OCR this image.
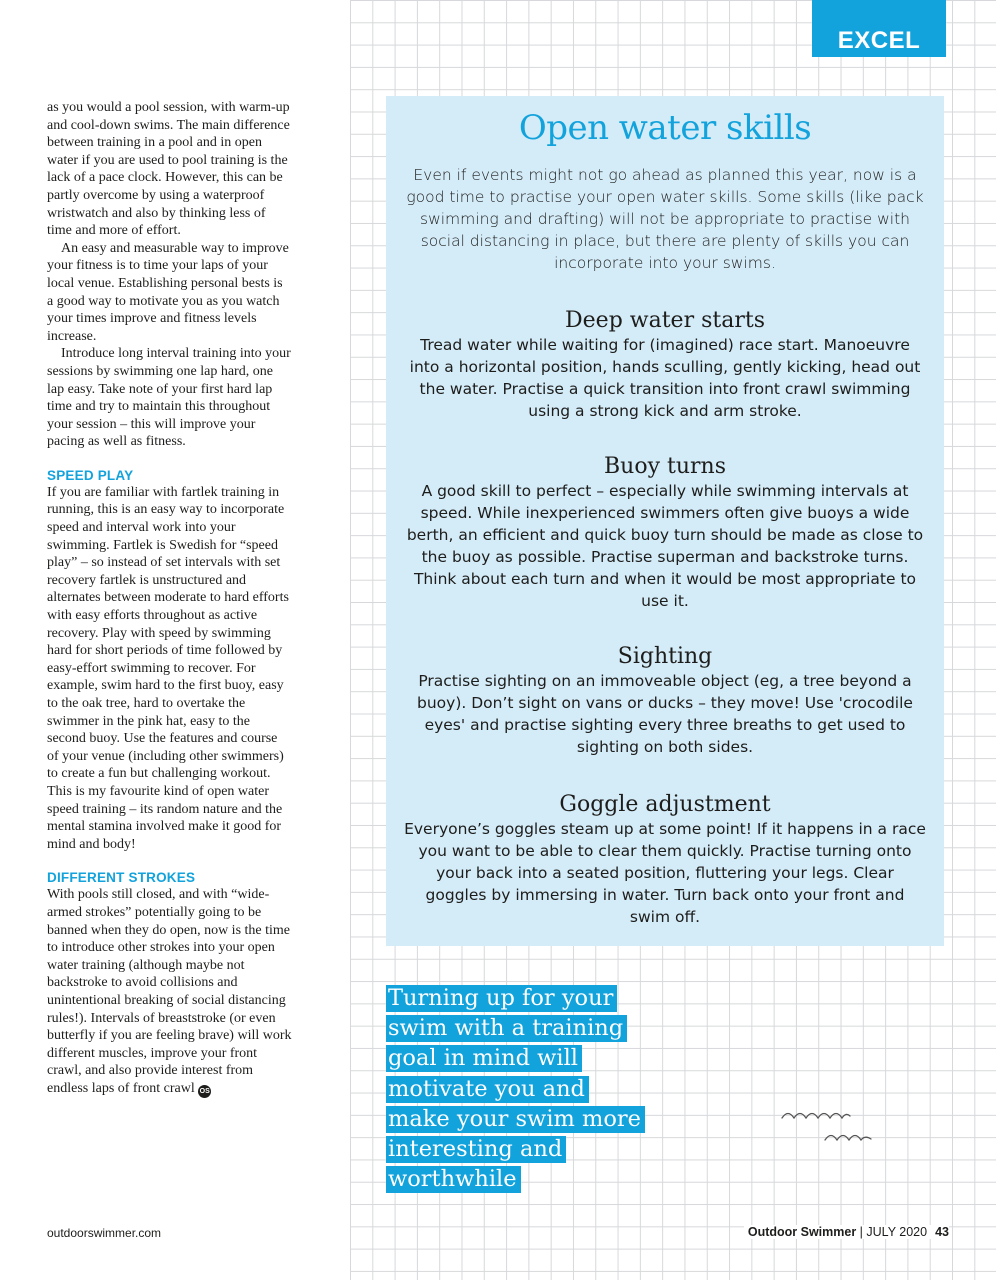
EXCEL

as you would a pool session, with warm-up and cool-down swims. The main difference between training in a pool and in open water if you are used to pool training is the lack of a pace clock. However, this can be partly overcome by using a waterproof wristwatch and also by thinking less of time and more of effort.

An easy and measurable way to improve your fitness is to time your laps of your local venue. Establishing personal bests is a good way to motivate you as you watch your times improve and fitness levels increase.

Introduce long interval training into your sessions by swimming one lap hard, one lap easy. Take note of your first hard lap time and try to maintain this throughout your session – this will improve your pacing as well as fitness.

SPEED PLAY

If you are familiar with fartlek training in running, this is an easy way to incorporate speed and interval work into your swimming. Fartlek is Swedish for “speed play” – so instead of set intervals with set recovery fartlek is unstructured and alternates between moderate to hard efforts with easy efforts throughout as active recovery. Play with speed by swimming hard for short periods of time followed by easy-effort swimming to recover. For example, swim hard to the first buoy, easy to the oak tree, hard to overtake the swimmer in the pink hat, easy to the second buoy. Use the features and course of your venue (including other swimmers) to create a fun but challenging workout. This is my favourite kind of open water speed training – its random nature and the mental stamina involved make it good for mind and body!

DIFFERENT STROKES

With pools still closed, and with “wide-armed strokes” potentially going to be banned when they do open, now is the time to introduce other strokes into your open water training (although maybe not backstroke to avoid collisions and unintentional breaking of social distancing rules!). Intervals of breaststroke (or even butterfly if you are feeling brave) will work different muscles, improve your front crawl, and also provide interest from endless laps of front crawl OS

Open water skills
Even if events might not go ahead as planned this year, now is a good time to practise your open water skills. Some skills (like pack swimming and drafting) will not be appropriate to practise with social distancing in place, but there are plenty of skills you can incorporate into your swims.
Deep water starts

Tread water while waiting for (imagined) race start. Manoeuvre into a horizontal position, hands sculling, gently kicking, head out the water. Practise a quick transition into front crawl swimming using a strong kick and arm stroke.

Buoy turns

A good skill to perfect – especially while swimming intervals at speed. While inexperienced swimmers often give buoys a wide berth, an efficient and quick buoy turn should be made as close to the buoy as possible. Practise superman and backstroke turns. Think about each turn and when it would be most appropriate to use it.

Sighting

Practise sighting on an immoveable object (eg, a tree beyond a buoy). Don’t sight on vans or ducks – they move! Use 'crocodile eyes' and practise sighting every three breaths to get used to sighting on both sides.

Goggle adjustment

Everyone’s goggles steam up at some point! If it happens in a race you want to be able to clear them quickly. Practise turning onto your back into a seated position, fluttering your legs. Clear goggles by immersing in water. Turn back onto your front and swim off.

Turning up for your swim with a training goal in mind will motivate you and make your swim more interesting and worthwhile
outdoorswimmer.com	Outdoor Swimmer | JULY 2020 43
